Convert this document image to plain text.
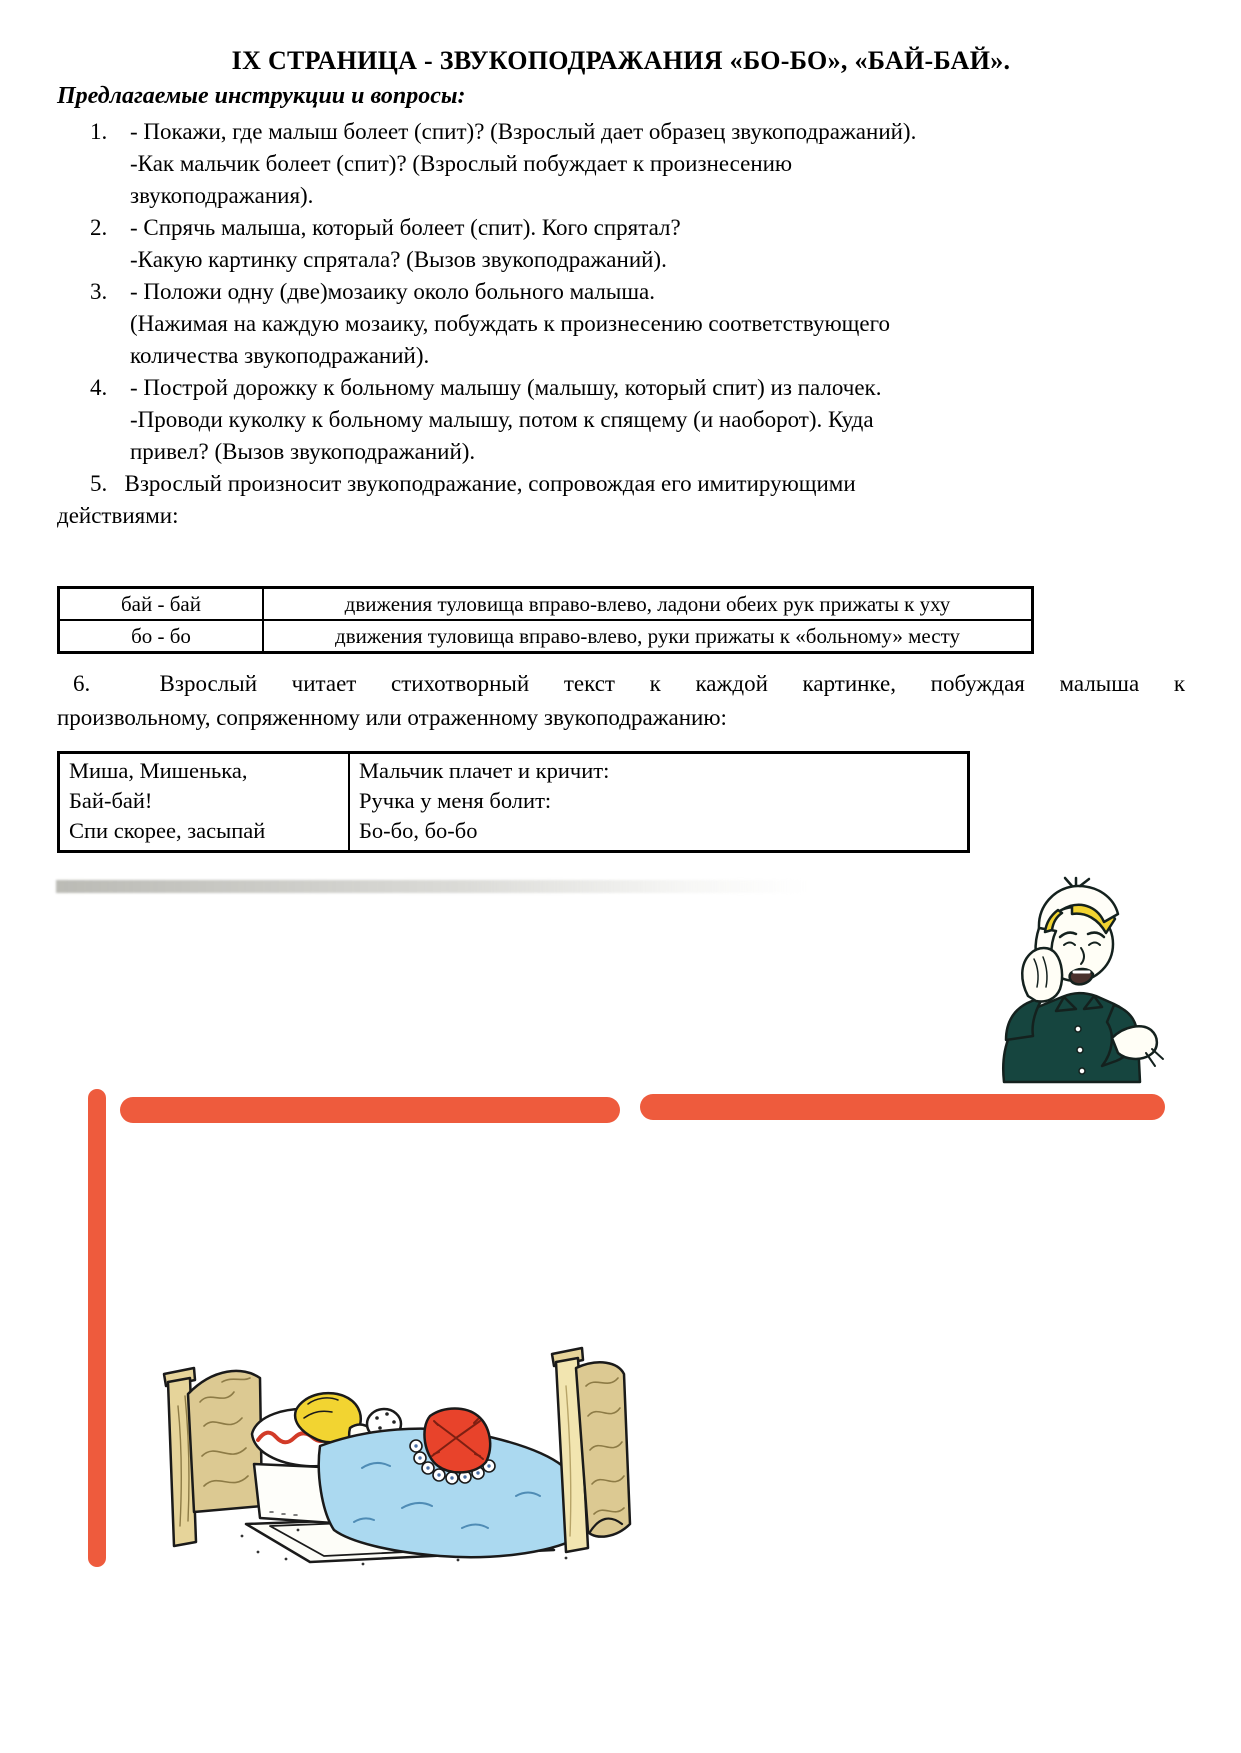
IX СТРАНИЦА - ЗВУКОПОДРАЖАНИЯ «БО-БО», «БАЙ-БАЙ».
Предлагаемые инструкции и вопросы:
1. - Покажи, где малыш болеет (спит)? (Взрослый дает образец звукоподражаний).
-Как мальчик болеет (спит)? (Взрослый побуждает к произнесению
звукоподражания).
2. - Спрячь малыша, который болеет (спит). Кого спрятал?
-Какую картинку спрятала? (Вызов звукоподражаний).
3. - Положи одну (две)мозаику около больного малыша.
(Нажимая на каждую мозаику, побуждать к произнесению соответствующего
количества звукоподражаний).
4. - Построй дорожку к больному малышу (малышу, который спит) из палочек.
-Проводи куколку к больному малышу, потом к спящему (и наоборот). Куда
привел? (Вызов звукоподражаний).
5.   Взрослый произносит звукоподражание, сопровождая его имитирующими
действиями:
бай - бай	движения туловища вправо-влево, ладони обеих рук прижаты к уху
бо - бо	движения туловища вправо-влево, руки прижаты к «больному» месту
6.  Взрослый читает стихотворный текст к каждой картинке, побуждая малыша к
произвольному, сопряженному или отраженному звукоподражанию:
Миша, Мишенька,
Бай-бай!
Спи скорее, засыпай

Мальчик плачет и кричит:
Ручка у меня болит:
Бо-бо, бо-бо
